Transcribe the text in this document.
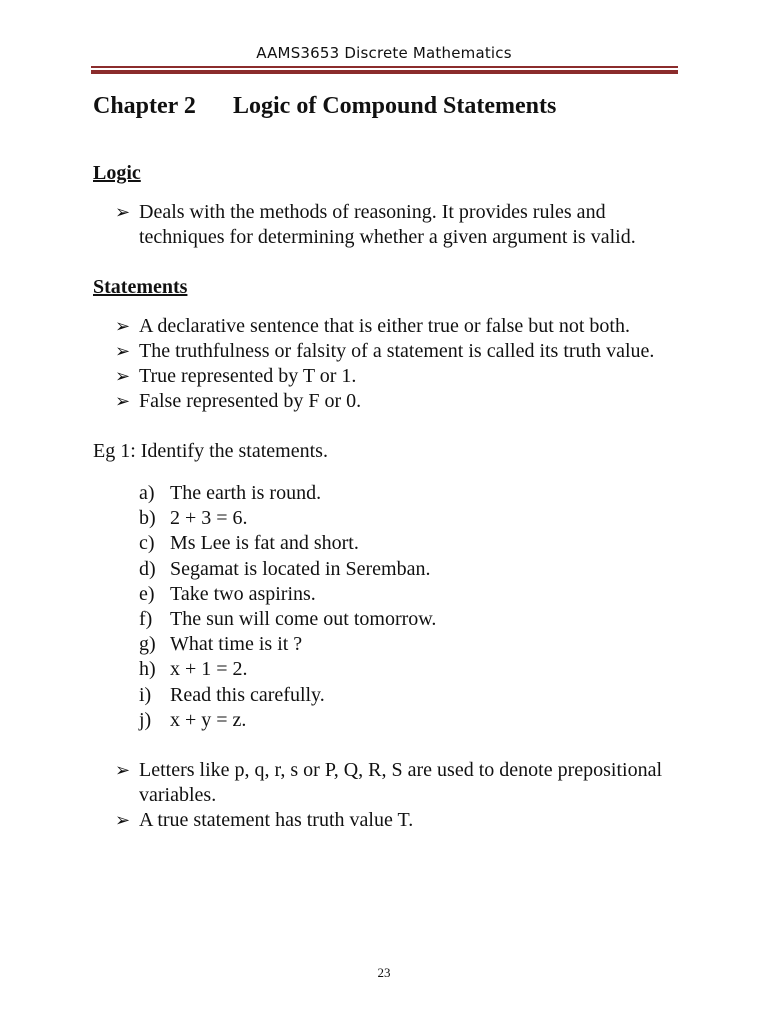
AAMS3653 Discrete Mathematics
Chapter 2 Logic of Compound Statements
Logic
➢ Deals with the methods of reasoning. It provides rules and techniques for determining whether a given argument is valid.
Statements
➢ A declarative sentence that is either true or false but not both.
➢ The truthfulness or falsity of a statement is called its truth value.
➢ True represented by T or 1.
➢ False represented by F or 0.

Eg 1: Identify the statements.

a) The earth is round.
b) 2 + 3 = 6.
c) Ms Lee is fat and short.
d) Segamat is located in Seremban.
e) Take two aspirins.
f) The sun will come out tomorrow.
g) What time is it ?
h) x + 1 = 2.
i) Read this carefully.
j) x + y = z.
➢ Letters like p, q, r, s or P, Q, R, S are used to denote prepositional variables.
➢ A true statement has truth value T.
23
